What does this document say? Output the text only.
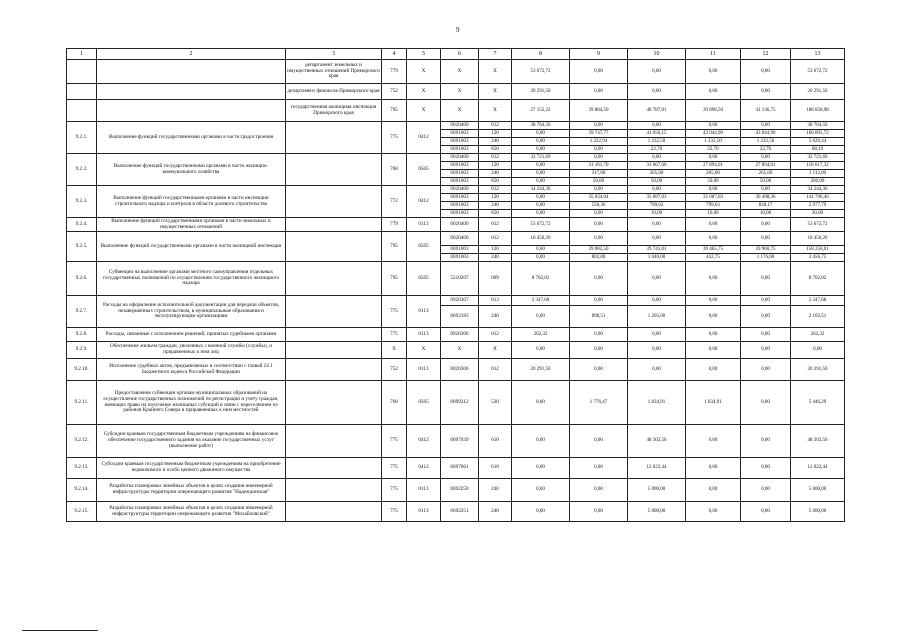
9
1	2	3	4	5	6	7	8	9	10	11	12	13
		департамент земельных и имущественных отношений Приморского края	779	X	X	X	53 672,72	0,00	0,00	0,00	0,00	53 672,72
		департамент финансов Приморского края	752	X	X	X	20 291,50	0,00	0,00	0,00	0,00	20 291,50
		государственная жилищная инспекция Приморского края	795	X	X	X	27 152,22	39 884,50	40 787,01	39 898,50	41 136,75	188 858,98
9.2.1.	Выполнение функций государственными органами в части градостроения		775	0412	0020400	012	38 764,50	0,00	0,00	0,00	0,00	38 764,50
					0691003	120	0,00	39 747,77	41 056,15	43 044,90	43 044,90	166 893,72
					0691003	240	0,00	1 222,94	1 232,50	1 232,50	1 232,50	5 020,44
					0691003	850	0,00	0,00	22,70	22,70	22,70	68,10
9.2.2.	Выполнение функций государственными органами в части жилищно-коммунального хозяйства		768	0505	0020400	012	32 721,69	0,00	0,00	0,00	0,00	32 721,69
					0691003	120	0,00	31 161,70	31 667,60	27 894,01	27 894,01	118 617,32
					0691003	240	0,00	317,00	265,00	265,00	265,00	1 112,00
					0691003	850	0,00	50,00	50,00	50,00	50,00	200,00
9.2.3.	Выполнение функций государственными органами в части инспекции строительного надзора и контроля в области долевого строительства		772	0412	0020400	012	34 244,36	0,00	0,00	0,00	0,00	34 244,36
					0691003	120	0,00	35 034,04	35 087,03	35 087,03	36 498,36	141 706,46
					0691003	240	0,00	550,36	799,63	799,63	828,17	2 977,79
					0691003	850	0,00	0,00	10,00	10,00	10,00	30,00
9.2.4.	Выполнение функций государственными органами в части земельных и имущественных отношений		779	0113	0020400	012	53 672,72	0,00	0,00	0,00	0,00	53 672,72
9.2.5.	Выполнение функций государственными органами в части жилищной инспекции		795	0505	0020400	012	18 450,20	0,00	0,00	0,00	0,00	18 450,20
					0691003	120	0,00	39 082,50	39 741,01	39 465,75	39 960,75	158 250,01
					0691003	240	0,00	802,00	1 046,00	432,75	1 176,00	3 456,75
9.2.6.	Субвенции на выполнение органами местного самоуправления отдельных государственных полномочий по осуществлению государственного жилищного надзора		795	0505	5210207	009	8 702,02	0,00	0,00	0,00	0,00	8 702,02
9.2.7.	Расходы на оформление исполнительной документации для передачи объектов, незавершенных строительством, в муниципальные образования и эксплуатирующим организациям		775	0113	0920307	013	2 347,68	0,00	0,00	0,00	0,00	2 347,68
					0692183	240	0,00	898,51	1 205,00	0,00	0,00	2 103,51
9.2.8.	Расходы, связанные с исполнением решений, принятых судебными органами		775	0113	0920306	012	262,32	0,00	0,00	0,00	0,00	262,32
9.2.9.	Обеспечение жильем граждан, уволенных с военной службы (службы), и приравненных к ним лиц		X	X	X	X	0,00	0,00	0,00	0,00	0,00	0,00
9.2.10.	Исполнение судебных актов, предъявляемых в соответствии с главой 24.1 Бюджетного кодекса Российской Федерации		752	0113	0020306	012	20 291,50	0,00	0,00	0,00	0,00	20 291,50
9.2.11.	Предоставление субвенции органам муниципальных образований на осуществление государственных полномочий по регистрации и учету граждан, имеющих право на получение жилищных субсидий в связи с переселением из районов Крайнего Севера и приравненных к ним местностей		768	0505	0699312	530	0,00	1 776,47	1 834,91	1 834,91	0,00	5 446,29
9.2.12.	Субсидии краевым государственным бюджетным учреждениям на финансовое обеспечение государственного задания на оказание государственных услуг (выполнение работ)		775	0412	0697039	610	0,00	0,00	48 302,56	0,00	0,00	48 302,56
9.2.13.	Субсидии краевым государственным бюджетным учреждениям на приобретение недвижимого и особо ценного движимого имущества		775	0412	0697061	610	0,00	0,00	12 022,44	0,00	0,00	12 022,44
9.2.14.	Разработка планировки линейных объектов в целях создания инженерной инфраструктуры территории опережающего развития "Надеждинская"		775	0113	0692250	240	0,00	0,00	5 000,00	0,00	0,00	5 000,00
9.2.15.	Разработка планировки линейных объектов в целях создания инженерной инфраструктуры территории опережающего развития "Михайловский"		775	0113	0692251	240	0,00	0,00	5 000,00	0,00	0,00	5 000,00
